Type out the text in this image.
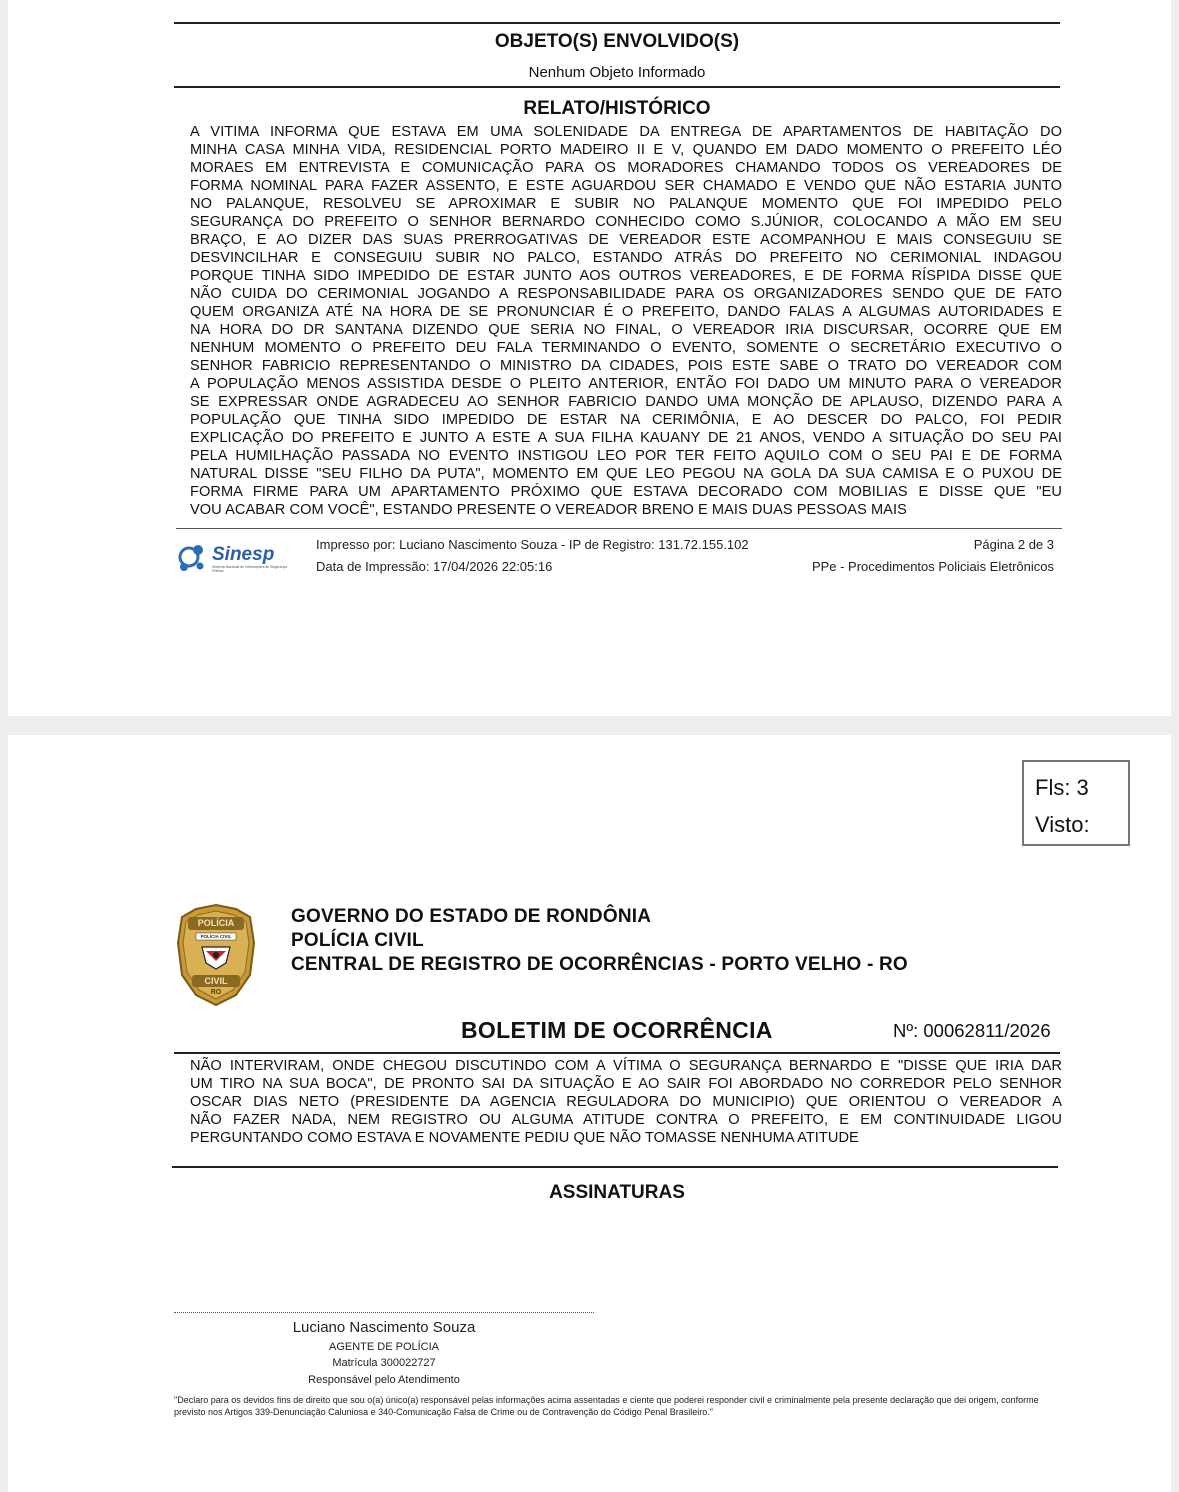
OBJETO(S) ENVOLVIDO(S)
Nenhum Objeto Informado
RELATO/HISTÓRICO
A VITIMA INFORMA QUE ESTAVA EM UMA SOLENIDADE DA ENTREGA DE APARTAMENTOS DE HABITAÇÃO DO
MINHA CASA MINHA VIDA, RESIDENCIAL PORTO MADEIRO II E V, QUANDO EM DADO MOMENTO O PREFEITO LÉO
MORAES EM ENTREVISTA E COMUNICAÇÃO PARA OS MORADORES CHAMANDO TODOS OS VEREADORES DE
FORMA NOMINAL PARA FAZER ASSENTO, E ESTE AGUARDOU SER CHAMADO E VENDO QUE NÃO ESTARIA JUNTO
NO PALANQUE, RESOLVEU SE APROXIMAR E SUBIR NO PALANQUE MOMENTO QUE FOI IMPEDIDO PELO
SEGURANÇA DO PREFEITO O SENHOR BERNARDO CONHECIDO COMO S.JÚNIOR, COLOCANDO A MÃO EM SEU
BRAÇO, E AO DIZER DAS SUAS PRERROGATIVAS DE VEREADOR ESTE ACOMPANHOU E MAIS CONSEGUIU SE
DESVINCILHAR E CONSEGUIU SUBIR NO PALCO, ESTANDO ATRÁS DO PREFEITO NO CERIMONIAL INDAGOU
PORQUE TINHA SIDO IMPEDIDO DE ESTAR JUNTO AOS OUTROS VEREADORES, E DE FORMA RÍSPIDA DISSE QUE
NÃO CUIDA DO CERIMONIAL JOGANDO A RESPONSABILIDADE PARA OS ORGANIZADORES SENDO QUE DE FATO
QUEM ORGANIZA ATÉ NA HORA DE SE PRONUNCIAR É O PREFEITO, DANDO FALAS A ALGUMAS AUTORIDADES E
NA HORA DO DR SANTANA DIZENDO QUE SERIA NO FINAL, O VEREADOR IRIA DISCURSAR, OCORRE QUE EM
NENHUM MOMENTO O PREFEITO DEU FALA TERMINANDO O EVENTO, SOMENTE O SECRETÁRIO EXECUTIVO O
SENHOR FABRICIO REPRESENTANDO O MINISTRO DA CIDADES, POIS ESTE SABE O TRATO DO VEREADOR COM
A POPULAÇÃO MENOS ASSISTIDA DESDE O PLEITO ANTERIOR, ENTÃO FOI DADO UM MINUTO PARA O VEREADOR
SE EXPRESSAR ONDE AGRADECEU AO SENHOR FABRICIO DANDO UMA MONÇÃO DE APLAUSO, DIZENDO PARA A
POPULAÇÃO QUE TINHA SIDO IMPEDIDO DE ESTAR NA CERIMÔNIA, E AO DESCER DO PALCO, FOI PEDIR
EXPLICAÇÃO DO PREFEITO E JUNTO A ESTE A SUA FILHA KAUANY DE 21 ANOS, VENDO A SITUAÇÃO DO SEU PAI
PELA HUMILHAÇÃO PASSADA NO EVENTO INSTIGOU LEO POR TER FEITO AQUILO COM O SEU PAI E DE FORMA
NATURAL DISSE "SEU FILHO DA PUTA", MOMENTO EM QUE LEO PEGOU NA GOLA DA SUA CAMISA E O PUXOU DE
FORMA FIRME PARA UM APARTAMENTO PRÓXIMO QUE ESTAVA DECORADO COM MOBILIAS E DISSE QUE "EU
VOU ACABAR COM VOCÊ", ESTANDO PRESENTE O VEREADOR BRENO E MAIS DUAS PESSOAS MAIS
Sinesp
Sistema Nacional de Informações de Segurança Pública
Impresso por: Luciano Nascimento Souza - IP de Registro: 131.72.155.102
Data de Impressão: 17/04/2026 22:05:16
Página 2 de 3
PPe - Procedimentos Policiais Eletrônicos
Fls: 3
Visto:
POLÍCIA
POLÍCIA CIVIL
CIVIL
RO
GOVERNO DO ESTADO DE RONDÔNIA
POLÍCIA CIVIL
CENTRAL DE REGISTRO DE OCORRÊNCIAS - PORTO VELHO - RO
BOLETIM DE OCORRÊNCIA	Nº: 00062811/2026
NÃO INTERVIRAM, ONDE CHEGOU DISCUTINDO COM A VÍTIMA O SEGURANÇA BERNARDO E "DISSE QUE IRIA DAR
UM TIRO NA SUA BOCA", DE PRONTO SAI DA SITUAÇÃO E AO SAIR FOI ABORDADO NO CORREDOR PELO SENHOR
OSCAR DIAS NETO (PRESIDENTE DA AGENCIA REGULADORA DO MUNICIPIO) QUE ORIENTOU O VEREADOR A
NÃO FAZER NADA, NEM REGISTRO OU ALGUMA ATITUDE CONTRA O PREFEITO, E EM CONTINUIDADE LIGOU
PERGUNTANDO COMO ESTAVA E NOVAMENTE PEDIU QUE NÃO TOMASSE NENHUMA ATITUDE
ASSINATURAS
Luciano Nascimento Souza
AGENTE DE POLÍCIA
Matrícula 300022727
Responsável pelo Atendimento
"Declaro para os devidos fins de direito que sou o(a) único(a) responsável pelas informações acima assentadas e ciente que poderei responder civil e criminalmente pela presente declaração que dei origem, conforme previsto nos Artigos 339-Denunciação Caluniosa e 340-Comunicação Falsa de Crime ou de Contravenção do Código Penal Brasileiro."
